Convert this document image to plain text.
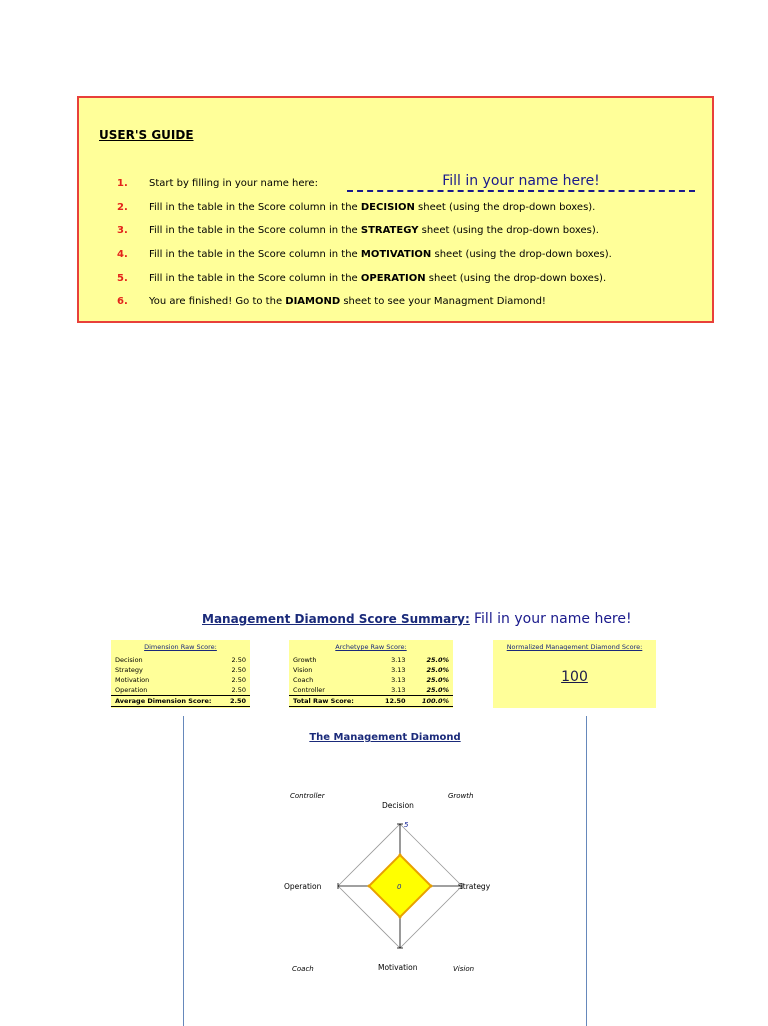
USER'S GUIDE
1. Start by filling in your name here:	Fill in your name here!
2. Fill in the table in the Score column in the DECISION sheet (using the drop-down boxes).
3. Fill in the table in the Score column in the STRATEGY sheet (using the drop-down boxes).
4. Fill in the table in the Score column in the MOTIVATION sheet (using the drop-down boxes).
5. Fill in the table in the Score column in the OPERATION sheet (using the drop-down boxes).
6. You are finished! Go to the DIAMOND sheet to see your Managment Diamond!
Management Diamond Score Summary: Fill in your name here!
Dimension Raw Score:
Decision	2.50
Strategy	2.50
Motivation	2.50
Operation	2.50
Average Dimension Score:	2.50
Archetype Raw Score:
Growth	3.13	25.0%
Vision	3.13	25.0%
Coach	3.13	25.0%
Controller	3.13	25.0%
Total Raw Score:	12.50	100.0%
Normalized Management Diamond Score:
100
The Management Diamond
Controller	Growth
Coach	Vision
Decision
Strategy
Motivation
Operation
5
0
